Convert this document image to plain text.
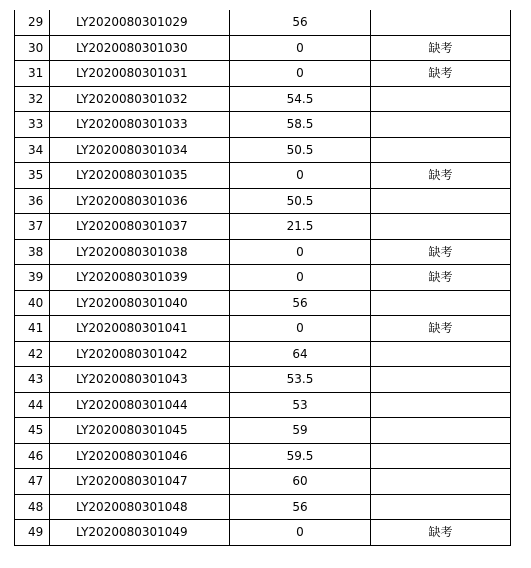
29	LY2020080301029	56	
30	LY2020080301030	0	缺考
31	LY2020080301031	0	缺考
32	LY2020080301032	54.5	
33	LY2020080301033	58.5	
34	LY2020080301034	50.5	
35	LY2020080301035	0	缺考
36	LY2020080301036	50.5	
37	LY2020080301037	21.5	
38	LY2020080301038	0	缺考
39	LY2020080301039	0	缺考
40	LY2020080301040	56	
41	LY2020080301041	0	缺考
42	LY2020080301042	64	
43	LY2020080301043	53.5	
44	LY2020080301044	53	
45	LY2020080301045	59	
46	LY2020080301046	59.5	
47	LY2020080301047	60	
48	LY2020080301048	56	
49	LY2020080301049	0	缺考
